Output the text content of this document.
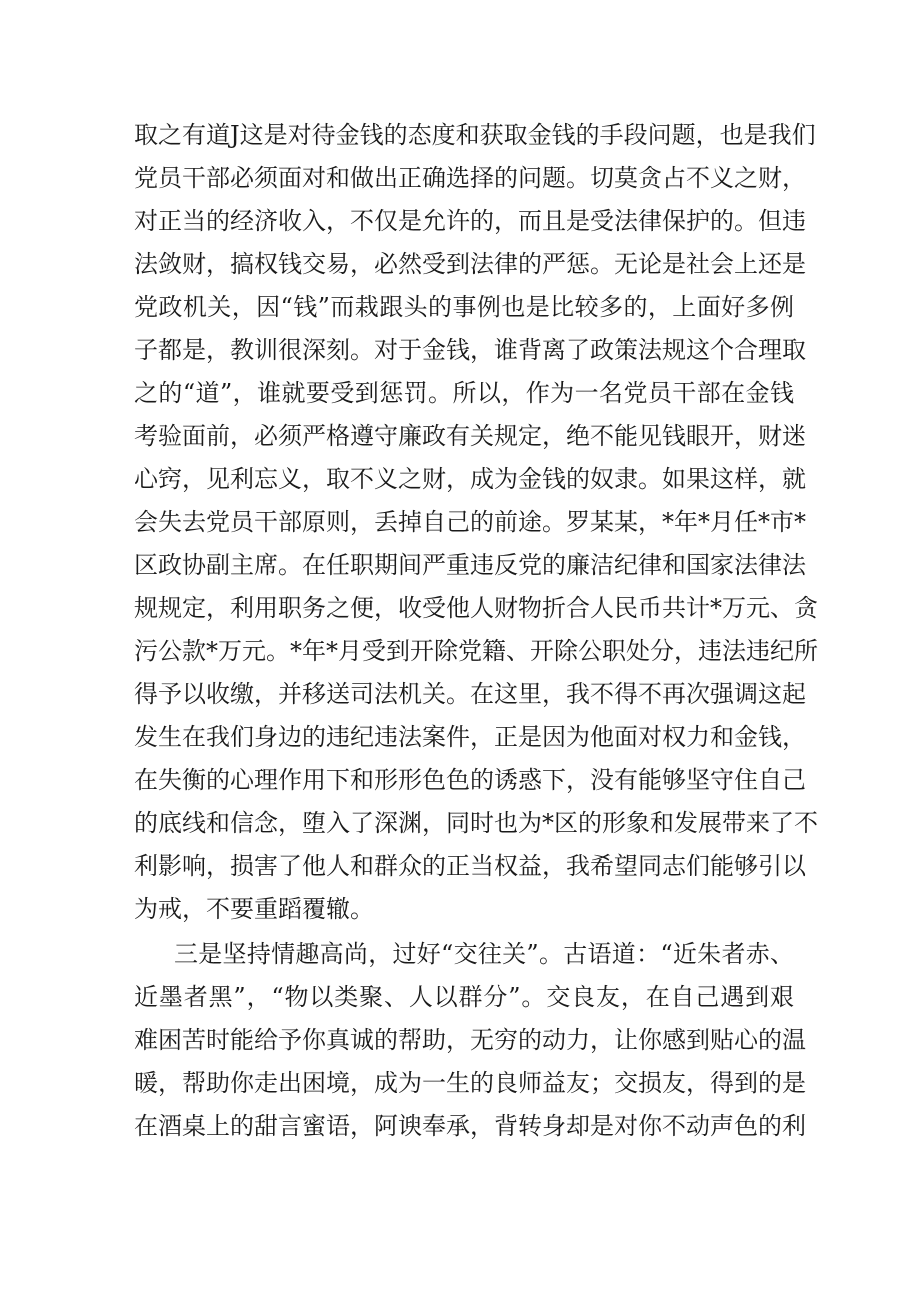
取之有道J这是对待金钱的态度和获取金钱的手段问题，也是我们
党员干部必须面对和做出正确选择的问题。切莫贪占不义之财，
对正当的经济收入，不仅是允许的，而且是受法律保护的。但违
法敛财，搞权钱交易，必然受到法律的严惩。无论是社会上还是
党政机关，因“钱”而栽跟头的事例也是比较多的，上面好多例
子都是，教训很深刻。对于金钱，谁背离了政策法规这个合理取
之的“道”，谁就要受到惩罚。所以，作为一名党员干部在金钱
考验面前，必须严格遵守廉政有关规定，绝不能见钱眼开，财迷
心窍，见利忘义，取不义之财，成为金钱的奴隶。如果这样，就
会失去党员干部原则，丢掉自己的前途。罗某某，*年*月任*市*
区政协副主席。在任职期间严重违反党的廉洁纪律和国家法律法
规规定，利用职务之便，收受他人财物折合人民币共计*万元、贪
污公款*万元。*年*月受到开除党籍、开除公职处分，违法违纪所
得予以收缴，并移送司法机关。在这里，我不得不再次强调这起
发生在我们身边的违纪违法案件，正是因为他面对权力和金钱，
在失衡的心理作用下和形形色色的诱惑下，没有能够坚守住自己
的底线和信念，堕入了深渊，同时也为*区的形象和发展带来了不
利影响，损害了他人和群众的正当权益，我希望同志们能够引以
为戒，不要重蹈覆辙。
三是坚持情趣高尚，过好“交往关”。古语道：“近朱者赤、
近墨者黑”，“物以类聚、人以群分”。交良友，在自己遇到艰
难困苦时能给予你真诚的帮助，无穷的动力，让你感到贴心的温
暖，帮助你走出困境，成为一生的良师益友；交损友，得到的是
在酒桌上的甜言蜜语，阿谀奉承，背转身却是对你不动声色的利
